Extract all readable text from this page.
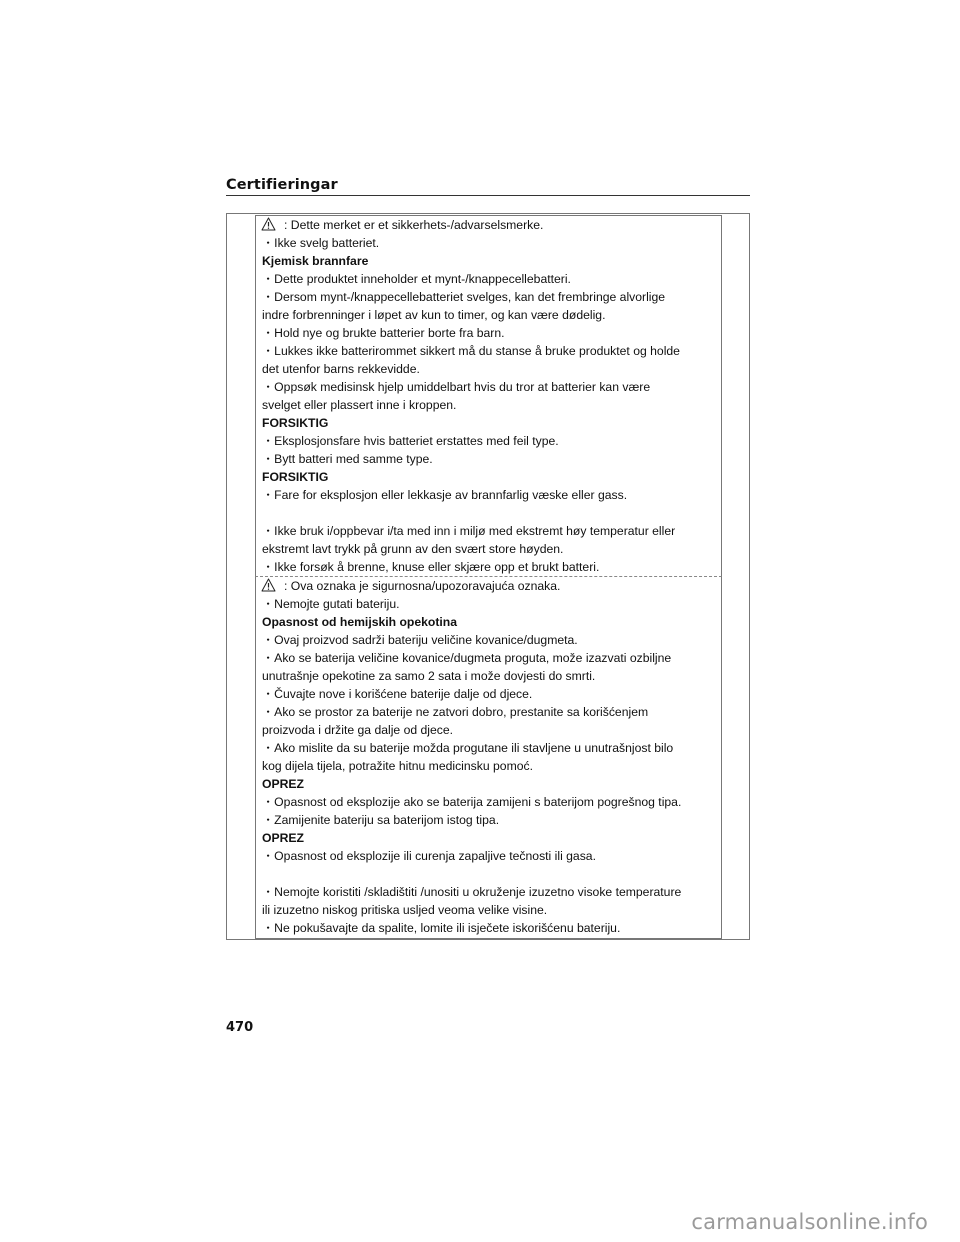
Certifieringar
: Dette merket er et sikkerhets-/advarselsmerke.
・Ikke svelg batteriet.
Kjemisk brannfare
・Dette produktet inneholder et mynt-/knappecellebatteri.
・Dersom mynt-/knappecellebatteriet svelges, kan det frembringe alvorlige
indre forbrenninger i løpet av kun to timer, og kan være dødelig.
・Hold nye og brukte batterier borte fra barn.
・Lukkes ikke batterirommet sikkert må du stanse å bruke produktet og holde
det utenfor barns rekkevidde.
・Oppsøk medisinsk hjelp umiddelbart hvis du tror at batterier kan være
svelget eller plassert inne i kroppen.
FORSIKTIG
・Eksplosjonsfare hvis batteriet erstattes med feil type.
・Bytt batteri med samme type.
FORSIKTIG
・Fare for eksplosjon eller lekkasje av brannfarlig væske eller gass.
・Ikke bruk i/oppbevar i/ta med inn i miljø med ekstremt høy temperatur eller
ekstremt lavt trykk på grunn av den svært store høyden.
・Ikke forsøk å brenne, knuse eller skjære opp et brukt batteri.
: Ova oznaka je sigurnosna/upozoravajuća oznaka.
・Nemojte gutati bateriju.
Opasnost od hemijskih opekotina
・Ovaj proizvod sadrži bateriju veličine kovanice/dugmeta.
・Ako se baterija veličine kovanice/dugmeta proguta, može izazvati ozbiljne
unutrašnje opekotine za samo 2 sata i može dovjesti do smrti.
・Čuvajte nove i korišćene baterije dalje od djece.
・Ako se prostor za baterije ne zatvori dobro, prestanite sa korišćenjem
proizvoda i držite ga dalje od djece.
・Ako mislite da su baterije možda progutane ili stavljene u unutrašnjost bilo
kog dijela tijela, potražite hitnu medicinsku pomoć.
OPREZ
・Opasnost od eksplozije ako se baterija zamijeni s baterijom pogrešnog tipa.
・Zamijenite bateriju sa baterijom istog tipa.
OPREZ
・Opasnost od eksplozije ili curenja zapaljive tečnosti ili gasa.
・Nemojte koristiti /skladištiti /unositi u okruženje izuzetno visoke temperature
ili izuzetno niskog pritiska usljed veoma velike visine.
・Ne pokušavajte da spalite, lomite ili isječete iskorišćenu bateriju.
470
carmanualsonline.info
